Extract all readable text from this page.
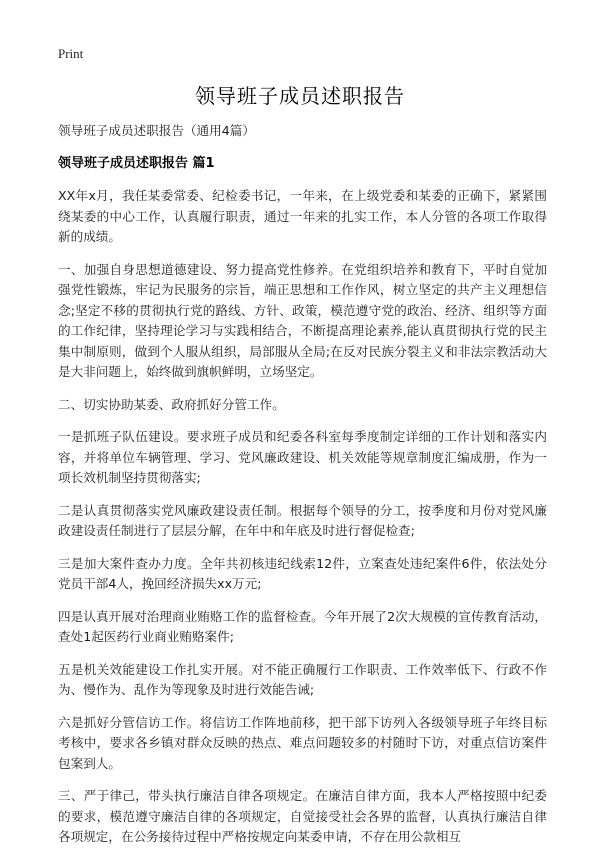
Print
领导班子成员述职报告

领导班子成员述职报告（通用4篇）

领导班子成员述职报告 篇1

XX年x月，我任某委常委、纪检委书记，一年来，在上级党委和某委的正确下，紧紧围绕某委的中心工作，认真履行职责，通过一年来的扎实工作，本人分管的各项工作取得新的成绩。

一、加强自身思想道德建设、努力提高党性修养。在党组织培养和教育下，平时自觉加强党性锻炼，牢记为民服务的宗旨，端正思想和工作作风，树立坚定的共产主义理想信念;坚定不移的贯彻执行党的路线、方针、政策，模范遵守党的政治、经济、组织等方面的工作纪律，坚持理论学习与实践相结合，不断提高理论素养,能认真贯彻执行党的民主集中制原则，做到个人服从组织，局部服从全局;在反对民族分裂主义和非法宗教活动大是大非问题上，始终做到旗帜鲜明，立场坚定。

二、切实协助某委、政府抓好分管工作。

一是抓班子队伍建设。要求班子成员和纪委各科室每季度制定详细的工作计划和落实内容，并将单位车辆管理、学习、党风廉政建设、机关效能等规章制度汇编成册，作为一项长效机制坚持贯彻落实;

二是认真贯彻落实党风廉政建设责任制。根据每个领导的分工，按季度和月份对党风廉政建设责任制进行了层层分解，在年中和年底及时进行督促检查;

三是加大案件查办力度。全年共初核违纪线索12件，立案查处违纪案件6件，依法处分党员干部4人，挽回经济损失xx万元;

四是认真开展对治理商业贿赂工作的监督检查。今年开展了2次大规模的宣传教育活动，查处1起医药行业商业贿赂案件;

五是机关效能建设工作扎实开展。对不能正确履行工作职责、工作效率低下、行政不作为、慢作为、乱作为等现象及时进行效能告诫;

六是抓好分管信访工作。将信访工作阵地前移，把干部下访列入各级领导班子年终目标考核中，要求各乡镇对群众反映的热点、难点问题较多的村随时下访，对重点信访案件包案到人。

三、严于律己，带头执行廉洁自律各项规定。在廉洁自律方面，我本人严格按照中纪委的要求，模范遵守廉洁自律的各项规定，自觉接受社会各界的监督，认真执行廉洁自律各项规定，在公务接待过程中严格按规定向某委申请，不存在用公款相互
